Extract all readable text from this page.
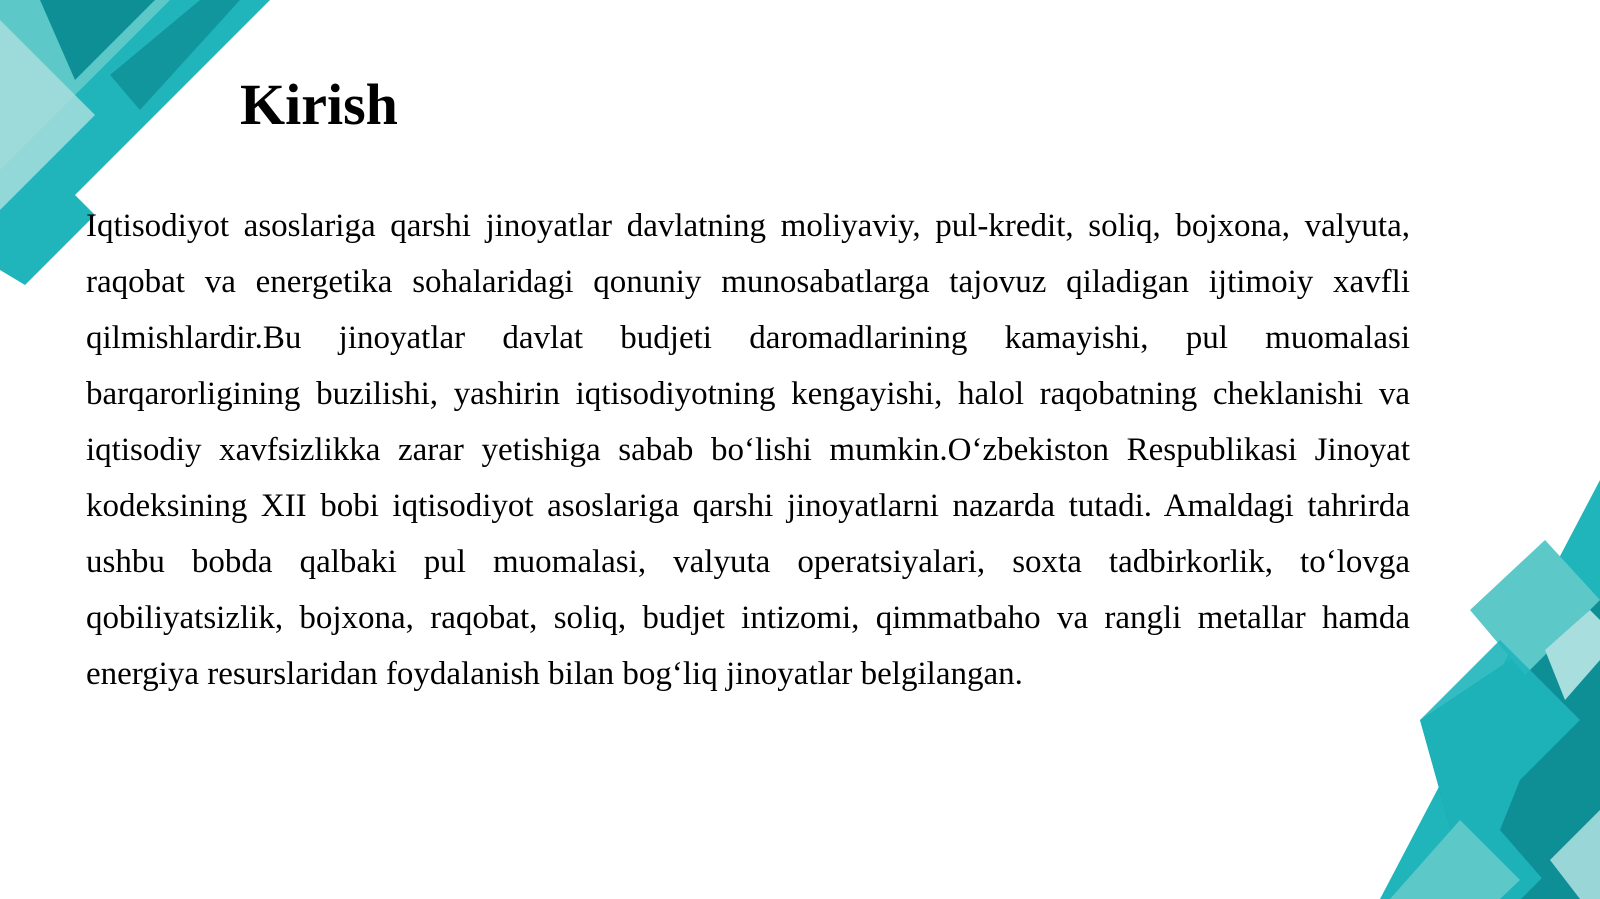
Kirish

Iqtisodiyot asoslariga qarshi jinoyatlar davlatning moliyaviy, pul-kredit, soliq, bojxona, valyuta, raqobat va energetika sohalaridagi qonuniy munosabatlarga tajovuz qiladigan ijtimoiy xavfli qilmishlardir.Bu jinoyatlar davlat budjeti daromadlarining kamayishi, pul muomalasi barqarorligining buzilishi, yashirin iqtisodiyotning kengayishi, halol raqobatning cheklanishi va iqtisodiy xavfsizlikka zarar yetishiga sabab bo‘lishi mumkin.O‘zbekiston Respublikasi Jinoyat kodeksining XII bobi iqtisodiyot asoslariga qarshi jinoyatlarni nazarda tutadi. Amaldagi tahrirda ushbu bobda qalbaki pul muomalasi, valyuta operatsiyalari, soxta tadbirkorlik, to‘lovga qobiliyatsizlik, bojxona, raqobat, soliq, budjet intizomi, qimmatbaho va rangli metallar hamda energiya resurslaridan foydalanish bilan bog‘liq jinoyatlar belgilangan.
